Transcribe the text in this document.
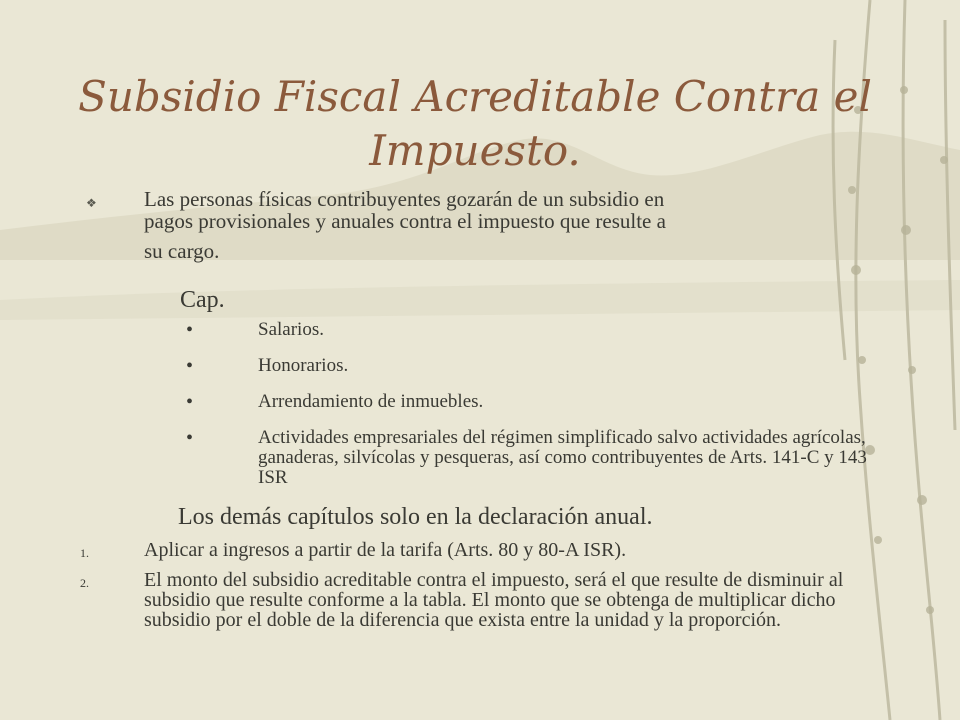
Subsidio Fiscal Acreditable Contra el Impuesto.
❖ Las personas físicas contribuyentes gozarán de un subsidio en
pagos provisionales y anuales contra el impuesto que resulte a
su cargo.
Cap.
•	Salarios.
•	Honorarios.
•	Arrendamiento de inmuebles.
•	Actividades empresariales del régimen simplificado salvo actividades agrícolas, ganaderas, silvícolas y pesqueras, así como contribuyentes de Arts. 141-C y 143 ISR
Los demás capítulos solo en la declaración anual.
1.	Aplicar a ingresos a partir de la tarifa (Arts. 80 y 80-A ISR).
2.	El monto del subsidio acreditable contra el impuesto, será el que resulte de disminuir al subsidio que resulte conforme a la tabla. El monto que se obtenga de multiplicar dicho subsidio por el doble de la diferencia que exista entre la unidad y la proporción.
